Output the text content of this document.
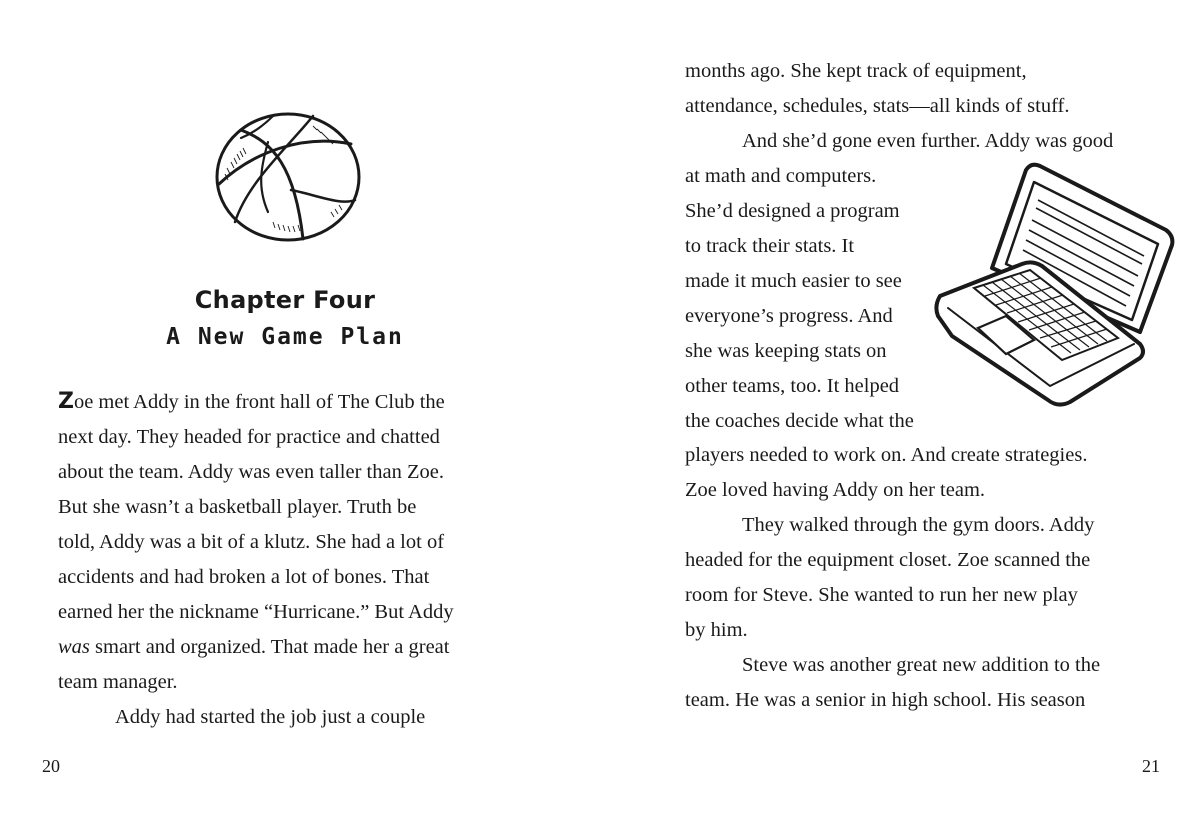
Chapter Four
A New Game Plan
Zoe met Addy in the front hall of The Club the
next day. They headed for practice and chatted
about the team. Addy was even taller than Zoe.
But she wasn’t a basketball player. Truth be
told, Addy was a bit of a klutz. She had a lot of
accidents and had broken a lot of bones. That
earned her the nickname “Hurricane.” But Addy
was smart and organized. That made her a great
team manager.
Addy had started the job just a couple
20
months ago. She kept track of equipment,
attendance, schedules, stats—all kinds of stuff.
And she’d gone even further. Addy was good
at math and computers.
She’d designed a program
to track their stats. It
made it much easier to see
everyone’s progress. And
she was keeping stats on
other teams, too. It helped
the coaches decide what the
players needed to work on. And create strategies.
Zoe loved having Addy on her team.
They walked through the gym doors. Addy
headed for the equipment closet. Zoe scanned the
room for Steve. She wanted to run her new play
by him.
Steve was another great new addition to the
team. He was a senior in high school. His season
21
